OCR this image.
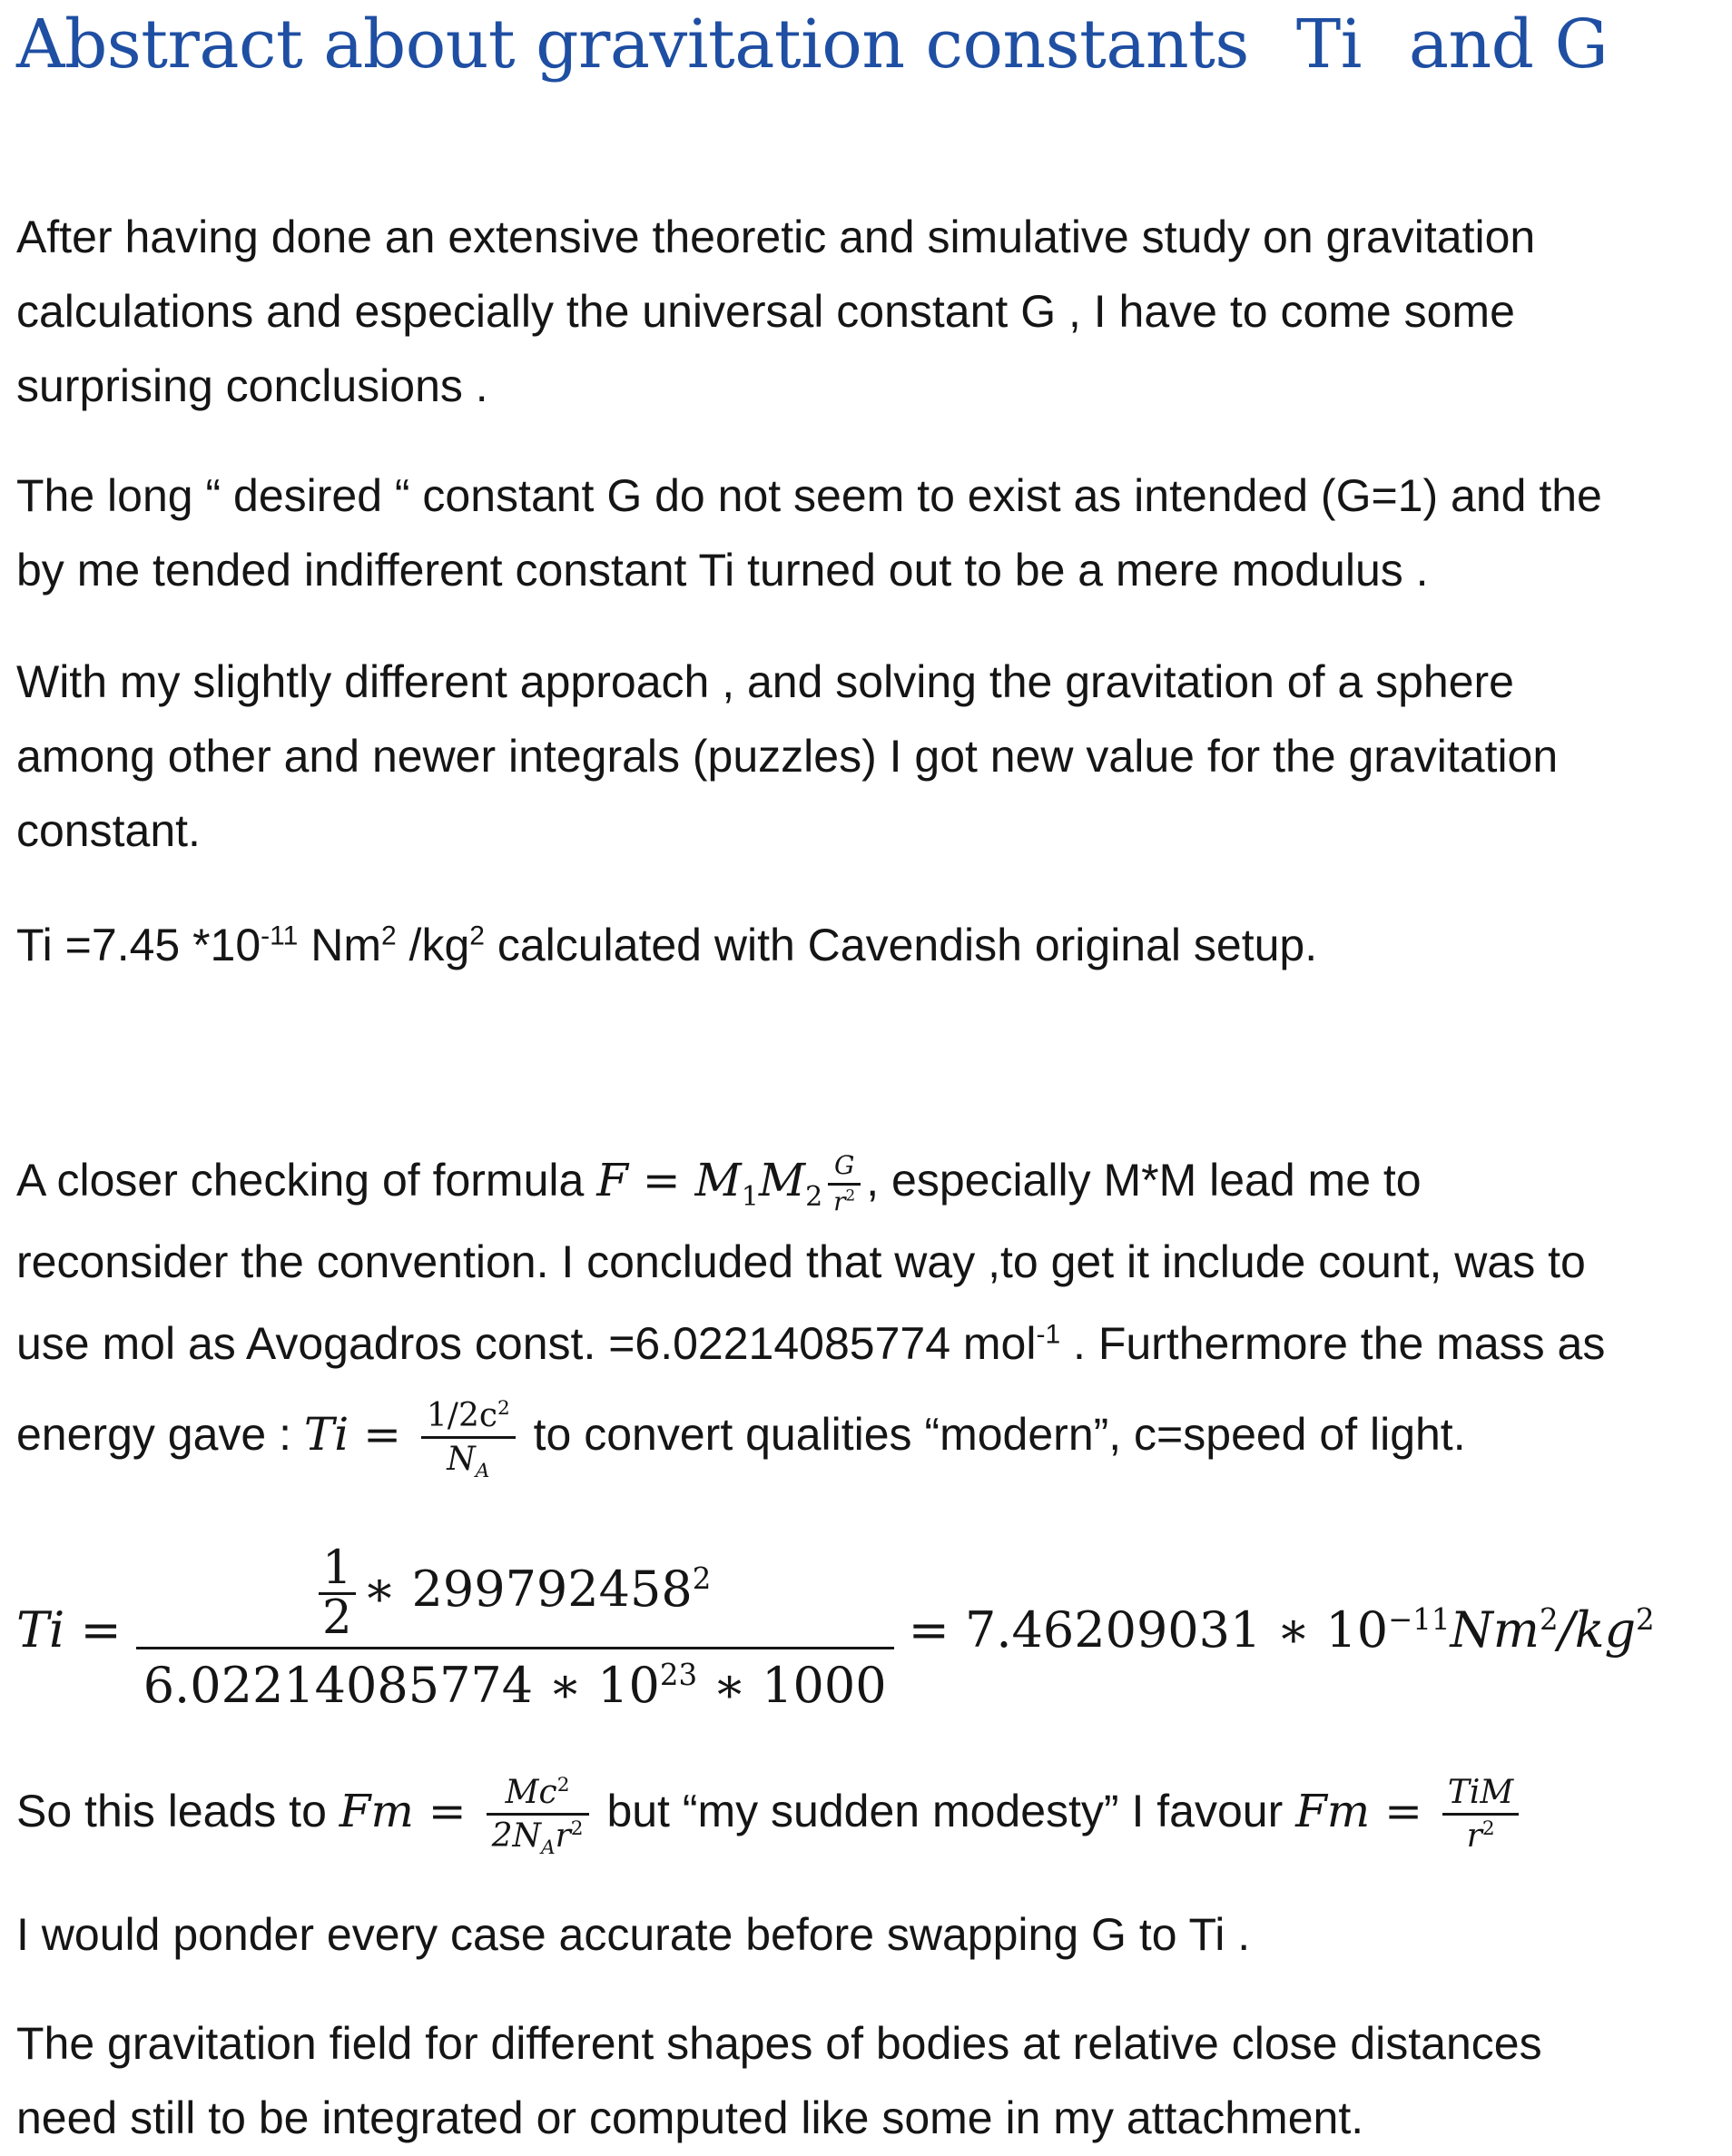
Abstract about gravitation constants Ti and G
After having done an extensive theoretic and simulative study on gravitation
calculations and especially the universal constant G , I have to come some
surprising conclusions .
The long “ desired “ constant G do not seem to exist as intended (G=1) and the
by me tended indifferent constant Ti turned out to be a mere modulus .
With my slightly different approach , and solving the gravitation of a sphere
among other and newer integrals (puzzles) I got new value for the gravitation
constant.
Ti =7.45 $*10^{-11}$ Nm$^2$ $/kg^2$ calculated with Cavendish original setup.
A closer checking of formula $F = M_1M_2 \frac{G}{r^2}$ , especially M*M lead me to
reconsider the convention. I concluded that way ,to get it include count, was to
use mol as Avogadros const. =6.02214085774 mol$^{-1}$ . Furthermore the mass as
energy gave : $Ti = \frac{1/2c^2}{N_A}$ to convert qualities “modern”, c=speed of light.
$Ti = \frac{\frac{1}{2} ∗ 299792458^2}{6.02214085774 ∗ 10^{23} ∗ 1000} = 7.46209031$ ∗ $10^{-11}Nm^2/kg^2$
So this leads to $Fm = \frac{Mc^2}{2N_Ar^2}$ but “my sudden modesty” I favour $Fm = \frac{\text{TiM}}{r^2}$
I would ponder every case accurate before swapping G to Ti .
The gravitation field for different shapes of bodies at relative close distances
need still to be integrated or computed like some in my attachment.
